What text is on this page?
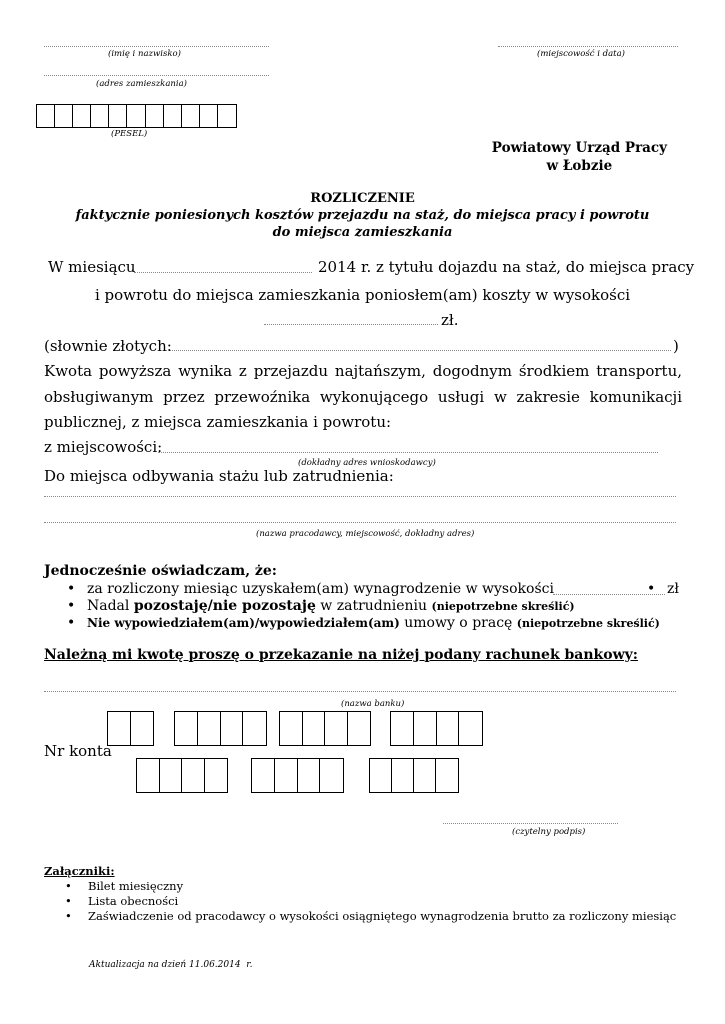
(imię i nazwisko)	(miejscowość i data)
(adres zamieszkania)
(PESEL)
Powiatowy Urząd Pracy
w Łobzie
ROZLICZENIE
faktycznie poniesionych kosztów przejazdu na staż, do miejsca pracy i powrotu
do miejsca zamieszkania
W miesiącu	2014 r. z tytułu dojazdu na staż, do miejsca pracy
i powrotu do miejsca zamieszkania poniosłem(am) koszty w wysokości
zł.
(słownie złotych:	)
Kwota powyższa wynika z przejazdu najtańszym, dogodnym środkiem transportu,
obsługiwanym przez przewoźnika wykonującego usługi w zakresie komunikacji
publicznej, z miejsca zamieszkania i powrotu:
z miejscowości:
(dokładny adres wnioskodawcy)
Do miejsca odbywania stażu lub zatrudnienia:
(nazwa pracodawcy, miejscowość, dokładny adres)
Jednocześnie oświadczam, że:
• za rozliczony miesiąc uzyskałem(am) wynagrodzenie w wysokości	• zł
• Nadal pozostaję/nie pozostaję w zatrudnieniu (niepotrzebne skreślić)
• Nie wypowiedziałem(am)/wypowiedziałem(am) umowy o pracę (niepotrzebne skreślić)
Należną mi kwotę proszę o przekazanie na niżej podany rachunek bankowy:
(nazwa banku)
Nr konta
(czytelny podpis)
Załączniki:
• Bilet miesięczny
• Lista obecności
• Zaświadczenie od pracodawcy o wysokości osiągniętego wynagrodzenia brutto za rozliczony miesiąc
Aktualizacja na dzień 11.06.2014  r.
